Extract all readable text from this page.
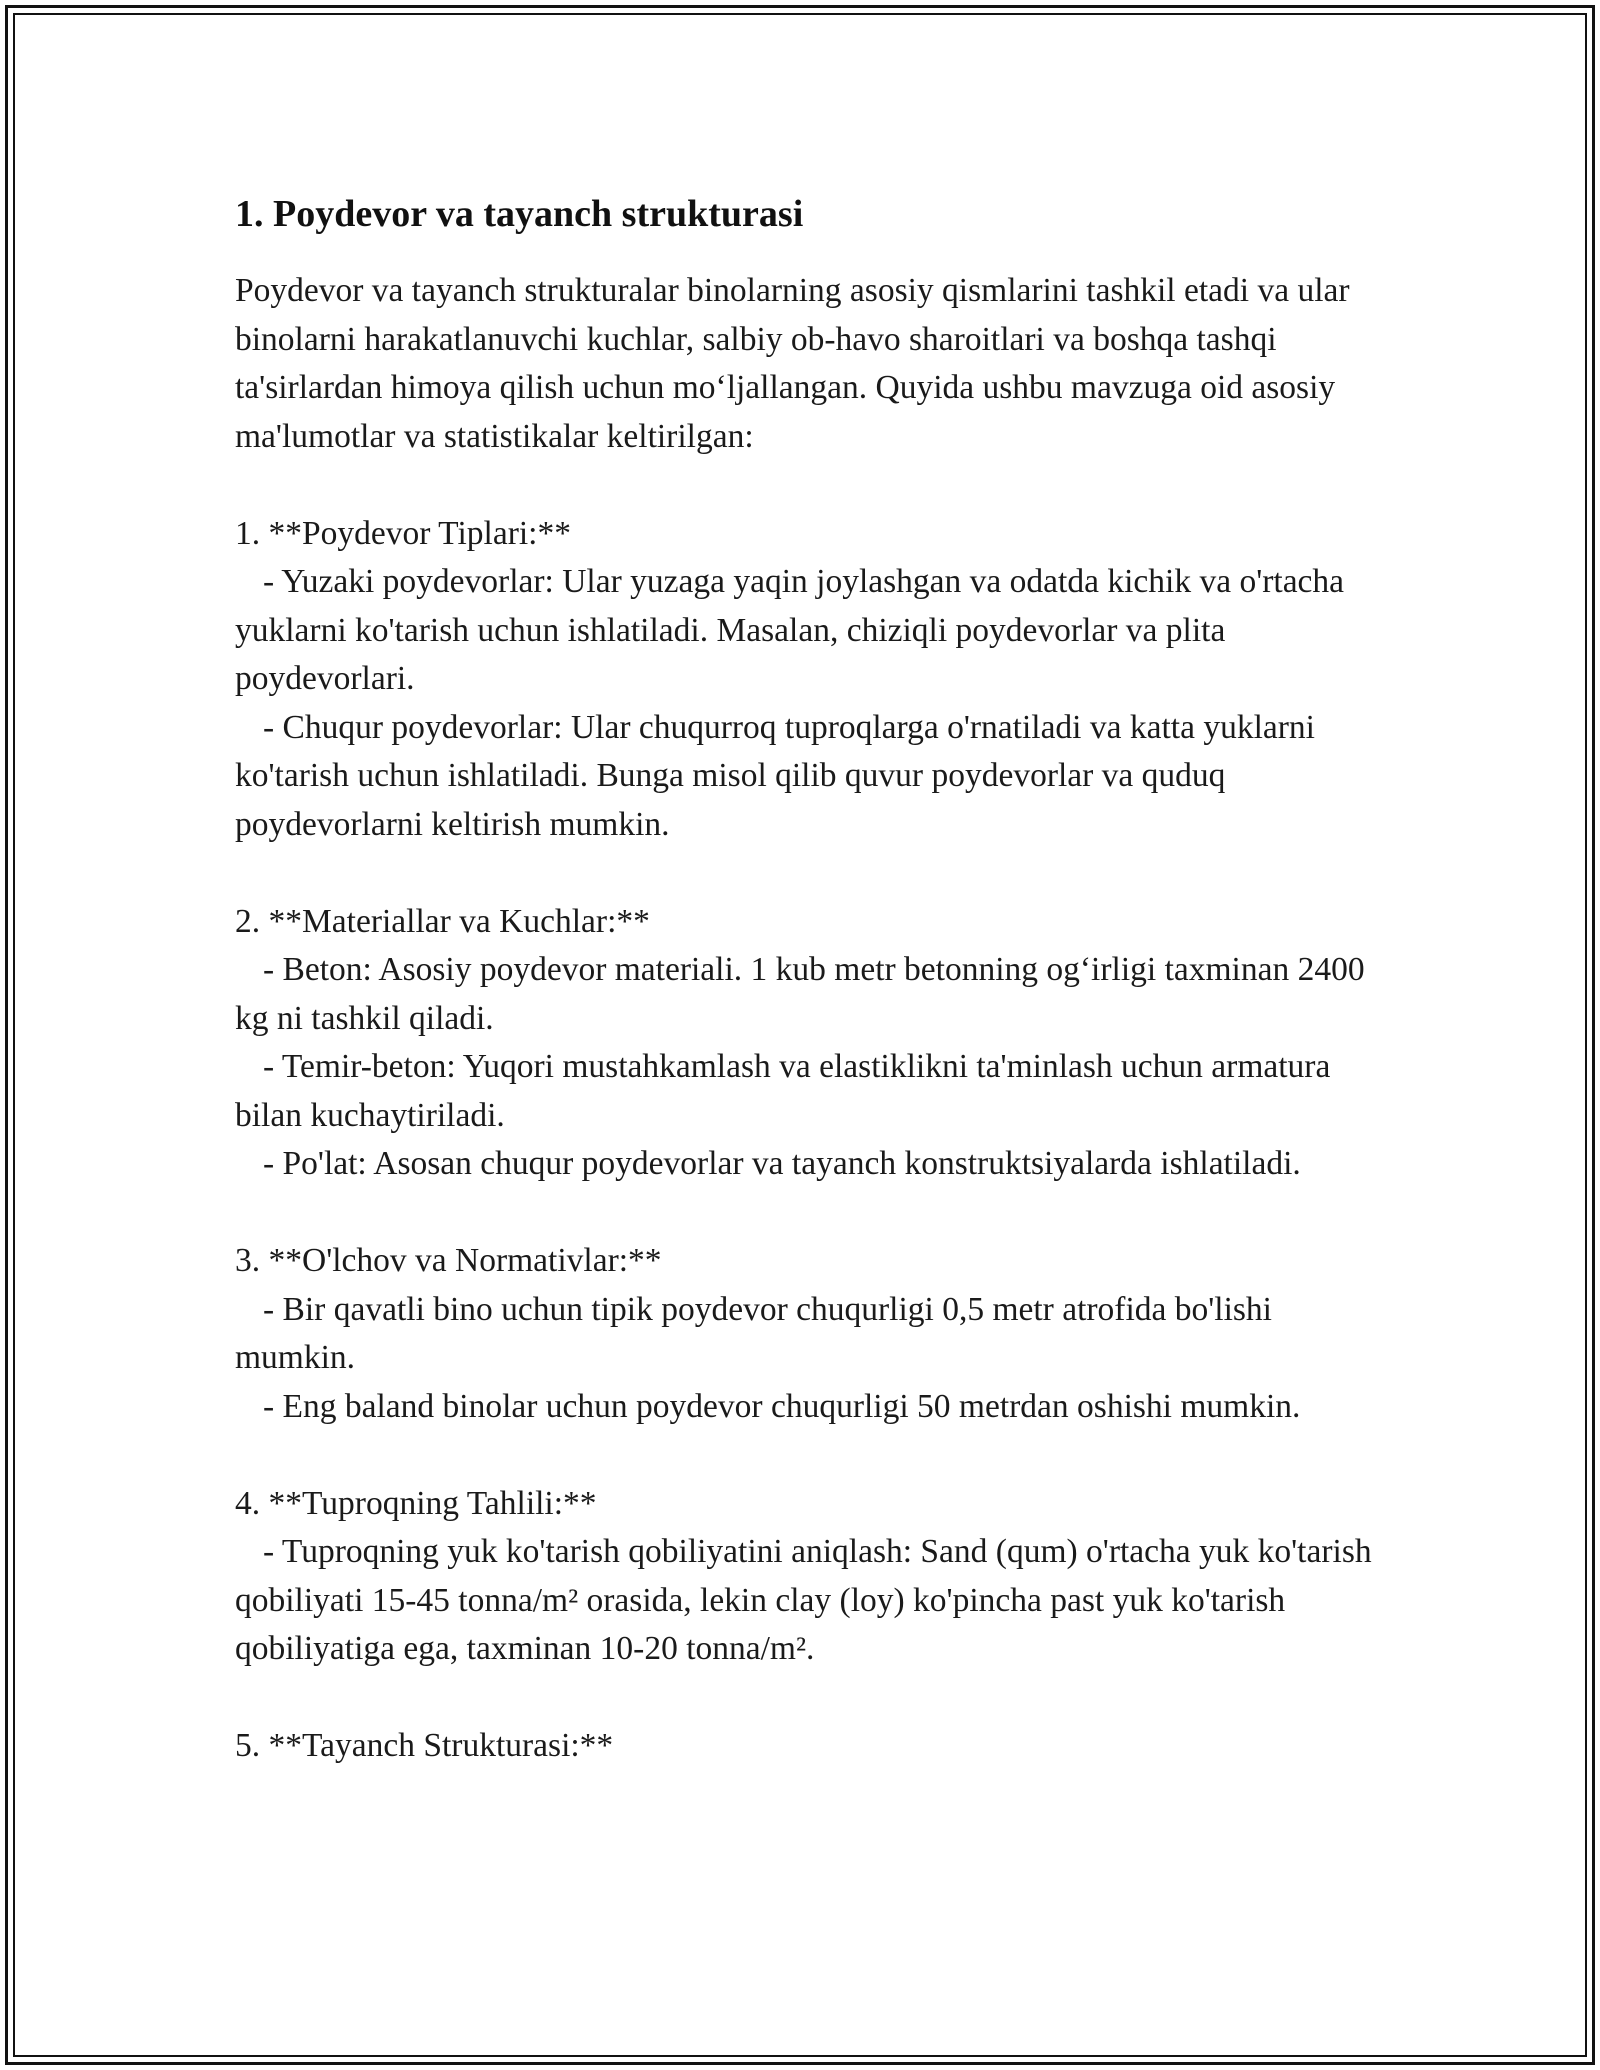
1. Poydevor va tayanch strukturasi

Poydevor va tayanch strukturalar binolarning asosiy qismlarini tashkil etadi va ular binolarni harakatlanuvchi kuchlar, salbiy ob-havo sharoitlari va boshqa tashqi ta'sirlardan himoya qilish uchun mo‘ljallangan. Quyida ushbu mavzuga oid asosiy ma'lumotlar va statistikalar keltirilgan:

1. **Poydevor Tiplari:**
- Yuzaki poydevorlar: Ular yuzaga yaqin joylashgan va odatda kichik va o'rtacha yuklarni ko'tarish uchun ishlatiladi. Masalan, chiziqli poydevorlar va plita poydevorlari.
- Chuqur poydevorlar: Ular chuqurroq tuproqlarga o'rnatiladi va katta yuklarni ko'tarish uchun ishlatiladi. Bunga misol qilib quvur poydevorlar va quduq poydevorlarni keltirish mumkin.
2. **Materiallar va Kuchlar:**
- Beton: Asosiy poydevor materiali. 1 kub metr betonning og‘irligi taxminan 2400 kg ni tashkil qiladi.
- Temir-beton: Yuqori mustahkamlash va elastiklikni ta'minlash uchun armatura bilan kuchaytiriladi.
- Po'lat: Asosan chuqur poydevorlar va tayanch konstruktsiyalarda ishlatiladi.
3. **O'lchov va Normativlar:**
- Bir qavatli bino uchun tipik poydevor chuqurligi 0,5 metr atrofida bo'lishi mumkin.
- Eng baland binolar uchun poydevor chuqurligi 50 metrdan oshishi mumkin.
4. **Tuproqning Tahlili:**
- Tuproqning yuk ko'tarish qobiliyatini aniqlash: Sand (qum) o'rtacha yuk ko'tarish qobiliyati 15-45 tonna/m² orasida, lekin clay (loy) ko'pincha past yuk ko'tarish qobiliyatiga ega, taxminan 10-20 tonna/m².
5. **Tayanch Strukturasi:**
